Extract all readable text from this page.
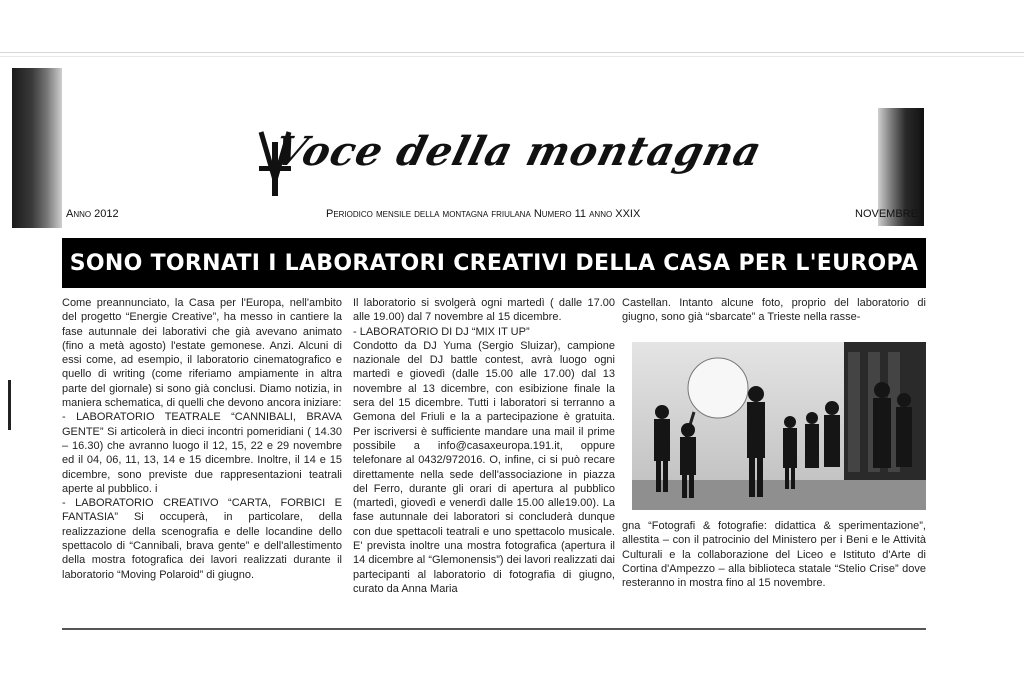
Voce della montagna
Anno 2012	Periodico mensile della montagna friulana Numero 11 anno XXIX	NOVEMBRE
SONO TORNATI I LABORATORI CREATIVI DELLA CASA PER L'EUROPA

Come preannunciato, la Casa per l'Europa, nell'ambito del progetto “Energie Creative”, ha messo in cantiere la fase autunnale dei laborativi che già avevano animato (fino a metà agosto) l'estate gemonese. Anzi. Alcuni di essi come, ad esempio, il laboratorio cinematografico e quello di writing (come riferiamo ampiamente in altra parte del giornale) si sono già conclusi. Diamo notizia, in maniera schematica, di quelli che devono ancora iniziare:

- LABORATORIO TEATRALE “CANNIBALI, BRAVA GENTE” Si articolerà in dieci incontri pomeridiani ( 14.30 – 16.30) che avranno luogo il 12, 15, 22 e 29 novembre ed il 04, 06, 11, 13, 14 e 15 dicembre. Inoltre, il 14 e 15 dicembre, sono previste due rappresentazioni teatrali aperte al pubblico. i

- LABORATORIO CREATIVO “CARTA, FORBICI E FANTASIA” Si occuperà, in particolare, della realizzazione della scenografia e delle locandine dello spettacolo di “Cannibali, brava gente” e dell'allestimento della mostra fotografica dei lavori realizzati durante il laboratorio “Moving Polaroid” di giugno.

Il laboratorio si svolgerà ogni martedì ( dalle 17.00 alle 19.00) dal 7 novembre al 15 dicembre.

- LABORATORIO DI DJ “MIX IT UP”

Condotto da DJ Yuma (Sergio Sluizar), campione nazionale del DJ battle contest, avrà luogo ogni martedì e giovedì (dalle 15.00 alle 17.00) dal 13 novembre al 13 dicembre, con esibizione finale la sera del 15 dicembre. Tutti i laboratori si terranno a Gemona del Friuli e la a partecipazione è gratuita. Per iscriversi è sufficiente mandare una mail il prime possibile a info@casaxeuropa.191.it, oppure telefonare al 0432/972016. O, infine, ci si può recare direttamente nella sede dell'associazione in piazza del Ferro, durante gli orari di apertura al pubblico (martedì, giovedì e venerdì dalle 15.00 alle19.00). La fase autunnale dei laboratori si concluderà dunque con due spettacoli teatrali e uno spettacolo musicale. E' prevista inoltre una mostra fotografica (apertura il 14 dicembre al “Glemonensis”) dei lavori realizzati dai partecipanti al laboratorio di fotografia di giugno, curato da Anna Maria

Castellan. Intanto alcune foto, proprio del laboratorio di giugno, sono già “sbarcate” a Trieste nella rasse-

gna “Fotografi & fotografie: didattica & sperimentazione”, allestita – con il patrocinio del Ministero per i Beni e le Attività Culturali e la collaborazione del Liceo e Istituto d'Arte di Cortina d'Ampezzo – alla biblioteca statale “Stelio Crise” dove resteranno in mostra fino al 15 novembre.
